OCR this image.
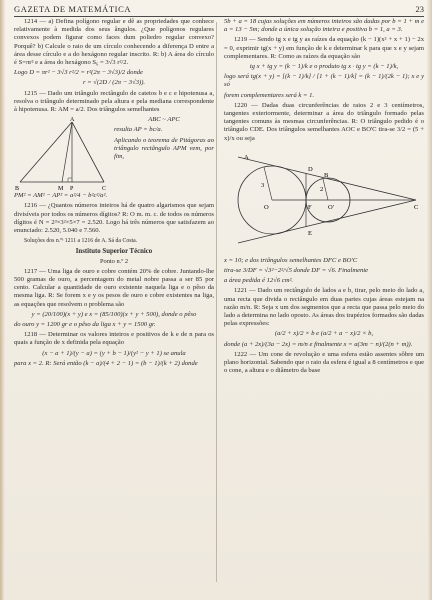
GAZETA DE MATEMÁTICA	23

1214 — a) Defina polígono regular e dê as propriedades que conhece relativamente à medida dos seus ângulos. ¿Que polígonos regulares convexos podem figurar como faces dum poliedro regular convexo? Porquê? b) Calcule o raio de um círculo conhecendo a diferença D entre a área desse círculo e a do hexágono regular inscrito. R: b) A área do círculo é S=πr² e a área do hexágono S₆ = 3√3 r²/2.

Logo D = πr² − 3√3 r²/2 = r²(2π − 3√3)/2 donde

r = √(2D / (2π − 3√3)).

1215 — Dado um triângulo rectângulo de catetos b e c e hipotenusa a, resolva o triângulo determinado pela altura e pela mediana correspondente à hipotenusa. R: AM = a/2. Dos triângulos semelhantes

A
B	M P	C

ABC ~ APC

resulta AP = bc/a.

Aplicando o teorema de Pitágoras ao triângulo rectângulo APM vem, por fim,

PM² = AM² − AP² = a²/4 − b²c²/a².

1216 — ¿Quantos números inteiros há de quatro algarismos que sejam divisíveis por todos os números dígitos? R: O m. m. c. de todos os números dígitos é N = 2³×3²×5×7 = 2.520. Logo há três números que satisfazem ao enunciado: 2.520, 5.040 e 7.560.

Soluções dos n.ºˢ 1211 a 1216 de A. Sá da Costa.

Instituto Superior Técnico

Ponto n.º 2

1217 — Uma liga de ouro e cobre contém 20% de cobre. Juntando-lhe 500 gramas de ouro, a percentagem do metal nobre passa a ser 85 por cento. Calcular a quantidade de ouro existente naquela liga e o pêso da mesma liga. R: Se forem x e y os pesos de ouro e cobre existentes na liga, as equações que resolvem o problema são

y = (20/100)(x + y) e x = (85/100)(x + y + 500), donde o pêso

do ouro y = 1200 gr e o pêso da liga x + y = 1500 gr.

1218 — Determinar os valores inteiros e positivos de k e de n para os quais a função de x definida pela equação

(x − a + 1)/(y − a) = (y + b − 1)/(y² − y + 1) se anula

para x = 2. R: Será então (k − a)/(4 + 2 − 1) = (b − 1)/(k + 2) donde

5b + a = 18 cujas soluções em números inteiros são dadas por b = 1 + m e a = 13 − 5m; donde a única solução inteira e positiva b = 1, a = 3.

1219 — Sendo tg x e tg y as raízes da equação (k − 1)(x² + x + 1) − 2x = 0, exprimir tg(x + y) em função de k e determinar k para que x e y sejam complementares. R: Como as raízes da equação são

tg x + tg y = (k − 1)/k e o produto tg x · tg y = (k − 1)/k,

logo será tg(x + y) = [(k − 1)/k] / [1 + (k − 1)/k] = (k − 1)/(2k − 1); x e y só

forem complementares será k = 1.

1220 — Dadas duas circunferências de raios 2 e 3 centímetros, tangentes exteriormente, determinar a área do triângulo formado pelas tangentes comuns às mesmas circunferências. R: O triângulo pedido é o triângulo CDE. Dos triângulos semelhantes AOC e BO'C tira-se 3/2 = (5 + x)/x ou seja

A
D
B
O	O'	C
F
E
3
2

x = 10; e dos triângulos semelhantes DFC e BO'C

tira-se 3/DF = √3²−2²/√5 donde DF = √6. Finalmente

a área pedida é 12√6 cm².

1221 — Dado um rectângulo de lados a e b, tirar, pelo meio do lado a, uma recta que divida o rectângulo em duas partes cujas áreas estejam na razão m/n. R: Seja x um dos segmentos que a recta que passa pelo meio do lado a determina no lado oposto. As áreas dos trapézios formados são dadas pelas expressões:

(a/2 + x)/2 × b e (a/2 + a − x)/2 × b,

donde (a + 2x)/(3a − 2x) = m/n e finalmente x = a(3m − n)/(2(n + m)).

1222 — Um cone de revolução e uma esfera estão assentes sôbre um plano horizontal. Sabendo que o raio da esfera é igual a 8 centímetros e que o cone, a altura e o diâmetro da base
